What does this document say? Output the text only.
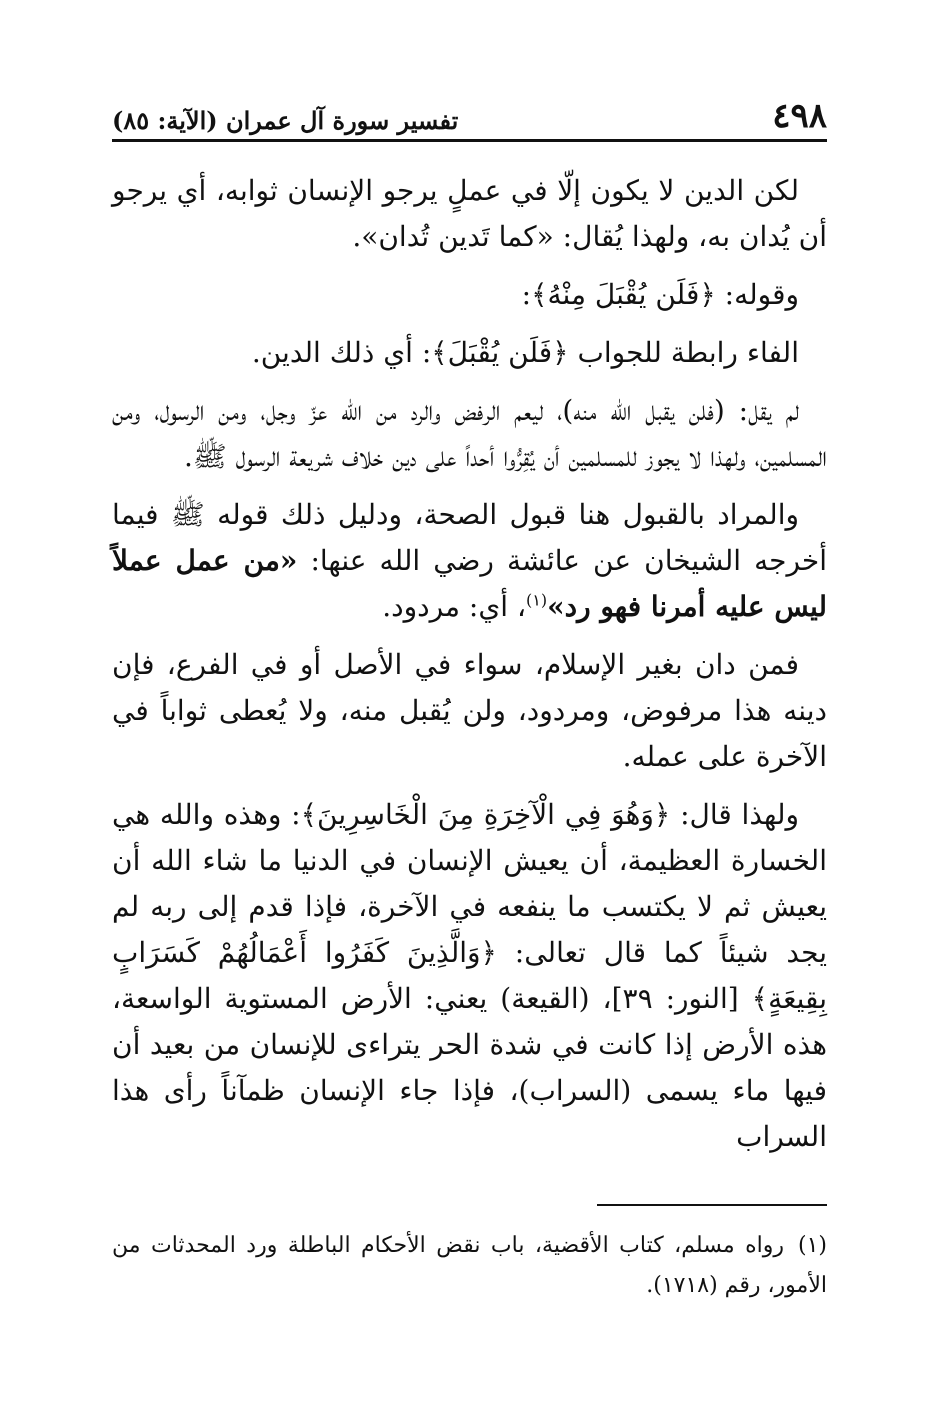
٤٩٨
تفسير سورة آل عمران (الآية: ٨٥)

لكن الدين لا يكون إلّا في عملٍ يرجو الإنسان ثوابه، أي يرجو أن يُدان به، ولهذا يُقال: «كما تَدين تُدان».

وقوله: ﴿فَلَن يُقْبَلَ مِنْهُ﴾:

الفاء رابطة للجواب ﴿فَلَن يُقْبَلَ﴾: أي ذلك الدين.

لم يقل: (فلن يقبل الله منه)، ليعم الرفض والرد من الله عزّ وجل، ومن الرسول، ومن المسلمين، ولهذا لا يجوز للمسلمين أن يُقِرُّوا أحداً على دين خلاف شريعة الرسول ﷺ.

والمراد بالقبول هنا قبول الصحة، ودليل ذلك قوله ﷺ فيما أخرجه الشيخان عن عائشة رضي الله عنها: «من عمل عملاً ليس عليه أمرنا فهو رد»$^{(١)}$، أي: مردود.

فمن دان بغير الإسلام، سواء في الأصل أو في الفرع، فإن دينه هذا مرفوض، ومردود، ولن يُقبل منه، ولا يُعطى ثواباً في الآخرة على عمله.

ولهذا قال: ﴿وَهُوَ فِي الْآخِرَةِ مِنَ الْخَاسِرِينَ﴾: وهذه والله هي الخسارة العظيمة، أن يعيش الإنسان في الدنيا ما شاء الله أن يعيش ثم لا يكتسب ما ينفعه في الآخرة، فإذا قدم إلى ربه لم يجد شيئاً كما قال تعالى: ﴿وَالَّذِينَ كَفَرُوا أَعْمَالُهُمْ كَسَرَابٍ بِقِيعَةٍ﴾ [النور: ٣٩]، (القيعة) يعني: الأرض المستوية الواسعة، هذه الأرض إذا كانت في شدة الحر يتراءى للإنسان من بعيد أن فيها ماء يسمى (السراب)، فإذا جاء الإنسان ظمآناً رأى هذا السراب

(١)رواه مسلم، كتاب الأقضية، باب نقض الأحكام الباطلة ورد المحدثات من الأمور، رقم (١٧١٨).
